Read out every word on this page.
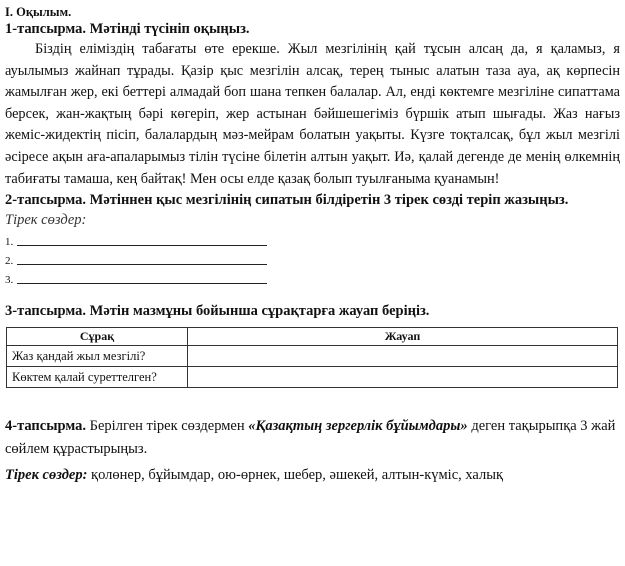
I. Оқылым.

1-тапсырма. Мәтінді түсініп оқыңыз.

Біздің еліміздің табағаты өте ерекше. Жыл мезгілінің қай тұсын алсаң да, я қаламыз, я ауылымыз жайнап тұрады. Қазір қыс мезгілін алсақ, терең тыныс алатын таза ауа, ақ көрпесін жамылған жер, екі беттері алмадай боп шана тепкен балалар. Ал, енді көктемге мезгіліне сипаттама берсек, жан-жақтың бәрі көгеріп, жер астынан бәйшешегіміз бүршік атып шығады. Жаз нағыз жеміс-жидектің пісіп, балалардың мәз-мейрам болатын уақыты. Күзге тоқталсақ, бұл жыл мезгілі әсіресе ақын аға-апаларымыз тілін түсіне білетін алтын уақыт. Иә, қалай дегенде де менің өлкемнің табиғаты тамаша, кең байтақ! Мен осы елде қазақ болып туылғаныма қуанамын!

2-тапсырма. Мәтіннен қыс мезгілінің сипатын білдіретін 3 тірек сөзді теріп жазыңыз.

Тірек сөздер:
1.
2.
3.

3-тапсырма. Мәтін мазмұны бойынша сұрақтарға жауап беріңіз.

Сұрақ	Жауап
Жаз қандай жыл мезгілі?	
Көктем қалай суреттелген?	

4-тапсырма. Берілген тірек сөздермен «Қазақтың зергерлік бұйымдары» деген тақырыпқа 3 жай сөйлем құрастырыңыз.

Тірек сөздер: қолөнер, бұйымдар, ою-өрнек, шебер, әшекей, алтын-күміс, халық
